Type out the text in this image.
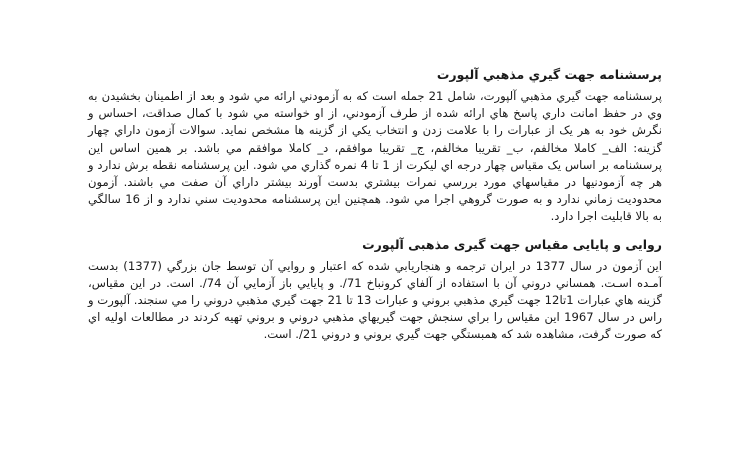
پرسشنامه جهت گيري مذهبي آلپورت

پرسشنامه جهت گيري مذهبي آلپورت، شامل 21 جمله است كه به آزمودني ارائه مي شود و بعد از اطمينان بخشيدن به وي در حفظ امانت داري پاسخ هاي ارائه شده از طرف آزمودني، از او خواسته مي شود با كمال صداقت، احساس و نگرش خود به هر يک از عبارات را با علامت زدن و انتخاب يكي از گزينه ها مشخص نمايد. سوالات آزمون داراي چهار گزينه: الف_ كاملا مخالفم، ب_ تقريبا مخالفم، ج_ تقريبا موافقم، د_ كاملا موافقم مي باشد. بر همين اساس اين پرسشنامه بر اساس يک مقياس چهار درجه اي ليكرت از 1 تا 4 نمره گذاري مي شود. اين پرسشنامه نقطه برش ندارد و هر چه آزمودنيها در مقياسهاي مورد بررسي نمرات بيشتري بدست آورند بيشتر داراي آن صفت مي باشند. آزمون محدوديت زماني ندارد و به صورت گروهي اجرا مي شود. همچنين اين پرسشنامه محدوديت سني ندارد و از 16 سالگي به بالا قابليت اجرا دارد.

روایی و پایایی مقیاس جهت گیری مذهبی آلپورت

اين آزمون در سال 1377 در ايران ترجمه و هنجاريابي شده كه اعتبار و روايي آن توسط جان بزرگي (1377) بدست آمـده اسـت. همساني دروني آن با استفاده از آلفاي كرونباخ 71/. و پايايي باز آزمايي آن 74/. است. در اين مقياس، گزينه هاي عبارات 1تا12 جهت گيري مذهبي بروني و عبارات 13 تا 21 جهت گيري مذهبي دروني را مي سنجند. آلپورت و راس در سال 1967 اين مقياس را براي سنجش جهت گيريهاي مذهبي دروني و بروني تهيه كردند در مطالعات اوليه اي كه صورت گرفت، مشاهده شد كه همبستگي جهت گيري بروني و دروني 21/. است.
